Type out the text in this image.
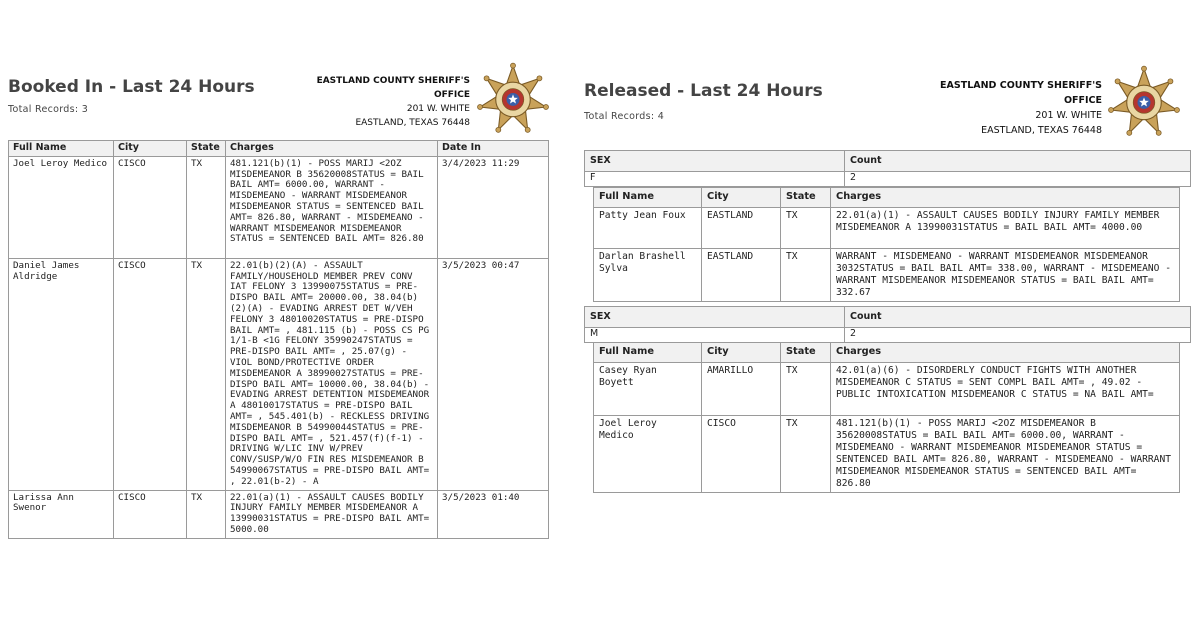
Booked In - Last 24 Hours
Total Records: 3
EASTLAND COUNTY SHERIFF'S
OFFICE
201 W. WHITE
EASTLAND, TEXAS 76448
Full Name	City	State	Charges	Date In
Joel Leroy Medico	CISCO	TX	481.121(b)(1) - POSS MARIJ <2OZ MISDEMEANOR B 35620008STATUS = BAIL BAIL AMT= 6000.00, WARRANT - MISDEMEANO - WARRANT MISDEMEANOR MISDEMEANOR STATUS = SENTENCED BAIL AMT= 826.80, WARRANT - MISDEMEANO - WARRANT MISDEMEANOR MISDEMEANOR STATUS = SENTENCED BAIL AMT= 826.80	3/4/2023 11:29
Daniel James Aldridge	CISCO	TX	22.01(b)(2)(A) - ASSAULT FAMILY/HOUSEHOLD MEMBER PREV CONV IAT FELONY 3 13990075STATUS = PRE-DISPO BAIL AMT= 20000.00, 38.04(b)(2)(A) - EVADING ARREST DET W/VEH FELONY 3 48010020STATUS = PRE-DISPO BAIL AMT= , 481.115 (b) - POSS CS PG 1/1-B <1G FELONY 35990247STATUS = PRE-DISPO BAIL AMT= , 25.07(g) - VIOL BOND/PROTECTIVE ORDER MISDEMEANOR A 38990027STATUS = PRE-DISPO BAIL AMT= 10000.00, 38.04(b) - EVADING ARREST DETENTION MISDEMEANOR A 48010017STATUS = PRE-DISPO BAIL AMT= , 545.401(b) - RECKLESS DRIVING MISDEMEANOR B 54990044STATUS = PRE-DISPO BAIL AMT= , 521.457(f)(f-1) - DRIVING W/LIC INV W/PREV CONV/SUSP/W/O FIN RES MISDEMEANOR B 54990067STATUS = PRE-DISPO BAIL AMT= , 22.01(b-2) - A	3/5/2023 00:47
Larissa Ann Swenor	CISCO	TX	22.01(a)(1) - ASSAULT CAUSES BODILY INJURY FAMILY MEMBER MISDEMEANOR A 13990031STATUS = PRE-DISPO BAIL AMT= 5000.00	3/5/2023 01:40
Released - Last 24 Hours
Total Records: 4
EASTLAND COUNTY SHERIFF'S
OFFICE
201 W. WHITE
EASTLAND, TEXAS 76448
SEX	Count
F	2
Full Name	City	State	Charges
Patty Jean Foux	EASTLAND	TX	22.01(a)(1) - ASSAULT CAUSES BODILY INJURY FAMILY MEMBER MISDEMEANOR A 13990031STATUS = BAIL BAIL AMT= 4000.00
Darlan Brashell Sylva	EASTLAND	TX	WARRANT - MISDEMEANO - WARRANT MISDEMEANOR MISDEMEANOR 3032STATUS = BAIL BAIL AMT= 338.00, WARRANT - MISDEMEANO - WARRANT MISDEMEANOR MISDEMEANOR STATUS = BAIL BAIL AMT= 332.67
SEX	Count
M	2
Full Name	City	State	Charges
Casey Ryan Boyett	AMARILLO	TX	42.01(a)(6) - DISORDERLY CONDUCT FIGHTS WITH ANOTHER MISDEMEANOR C STATUS = SENT COMPL BAIL AMT= , 49.02 - PUBLIC INTOXICATION MISDEMEANOR C STATUS = NA BAIL AMT=
Joel Leroy Medico	CISCO	TX	481.121(b)(1) - POSS MARIJ <2OZ MISDEMEANOR B 35620008STATUS = BAIL BAIL AMT= 6000.00, WARRANT - MISDEMEANO - WARRANT MISDEMEANOR MISDEMEANOR STATUS = SENTENCED BAIL AMT= 826.80, WARRANT - MISDEMEANO - WARRANT MISDEMEANOR MISDEMEANOR STATUS = SENTENCED BAIL AMT= 826.80
